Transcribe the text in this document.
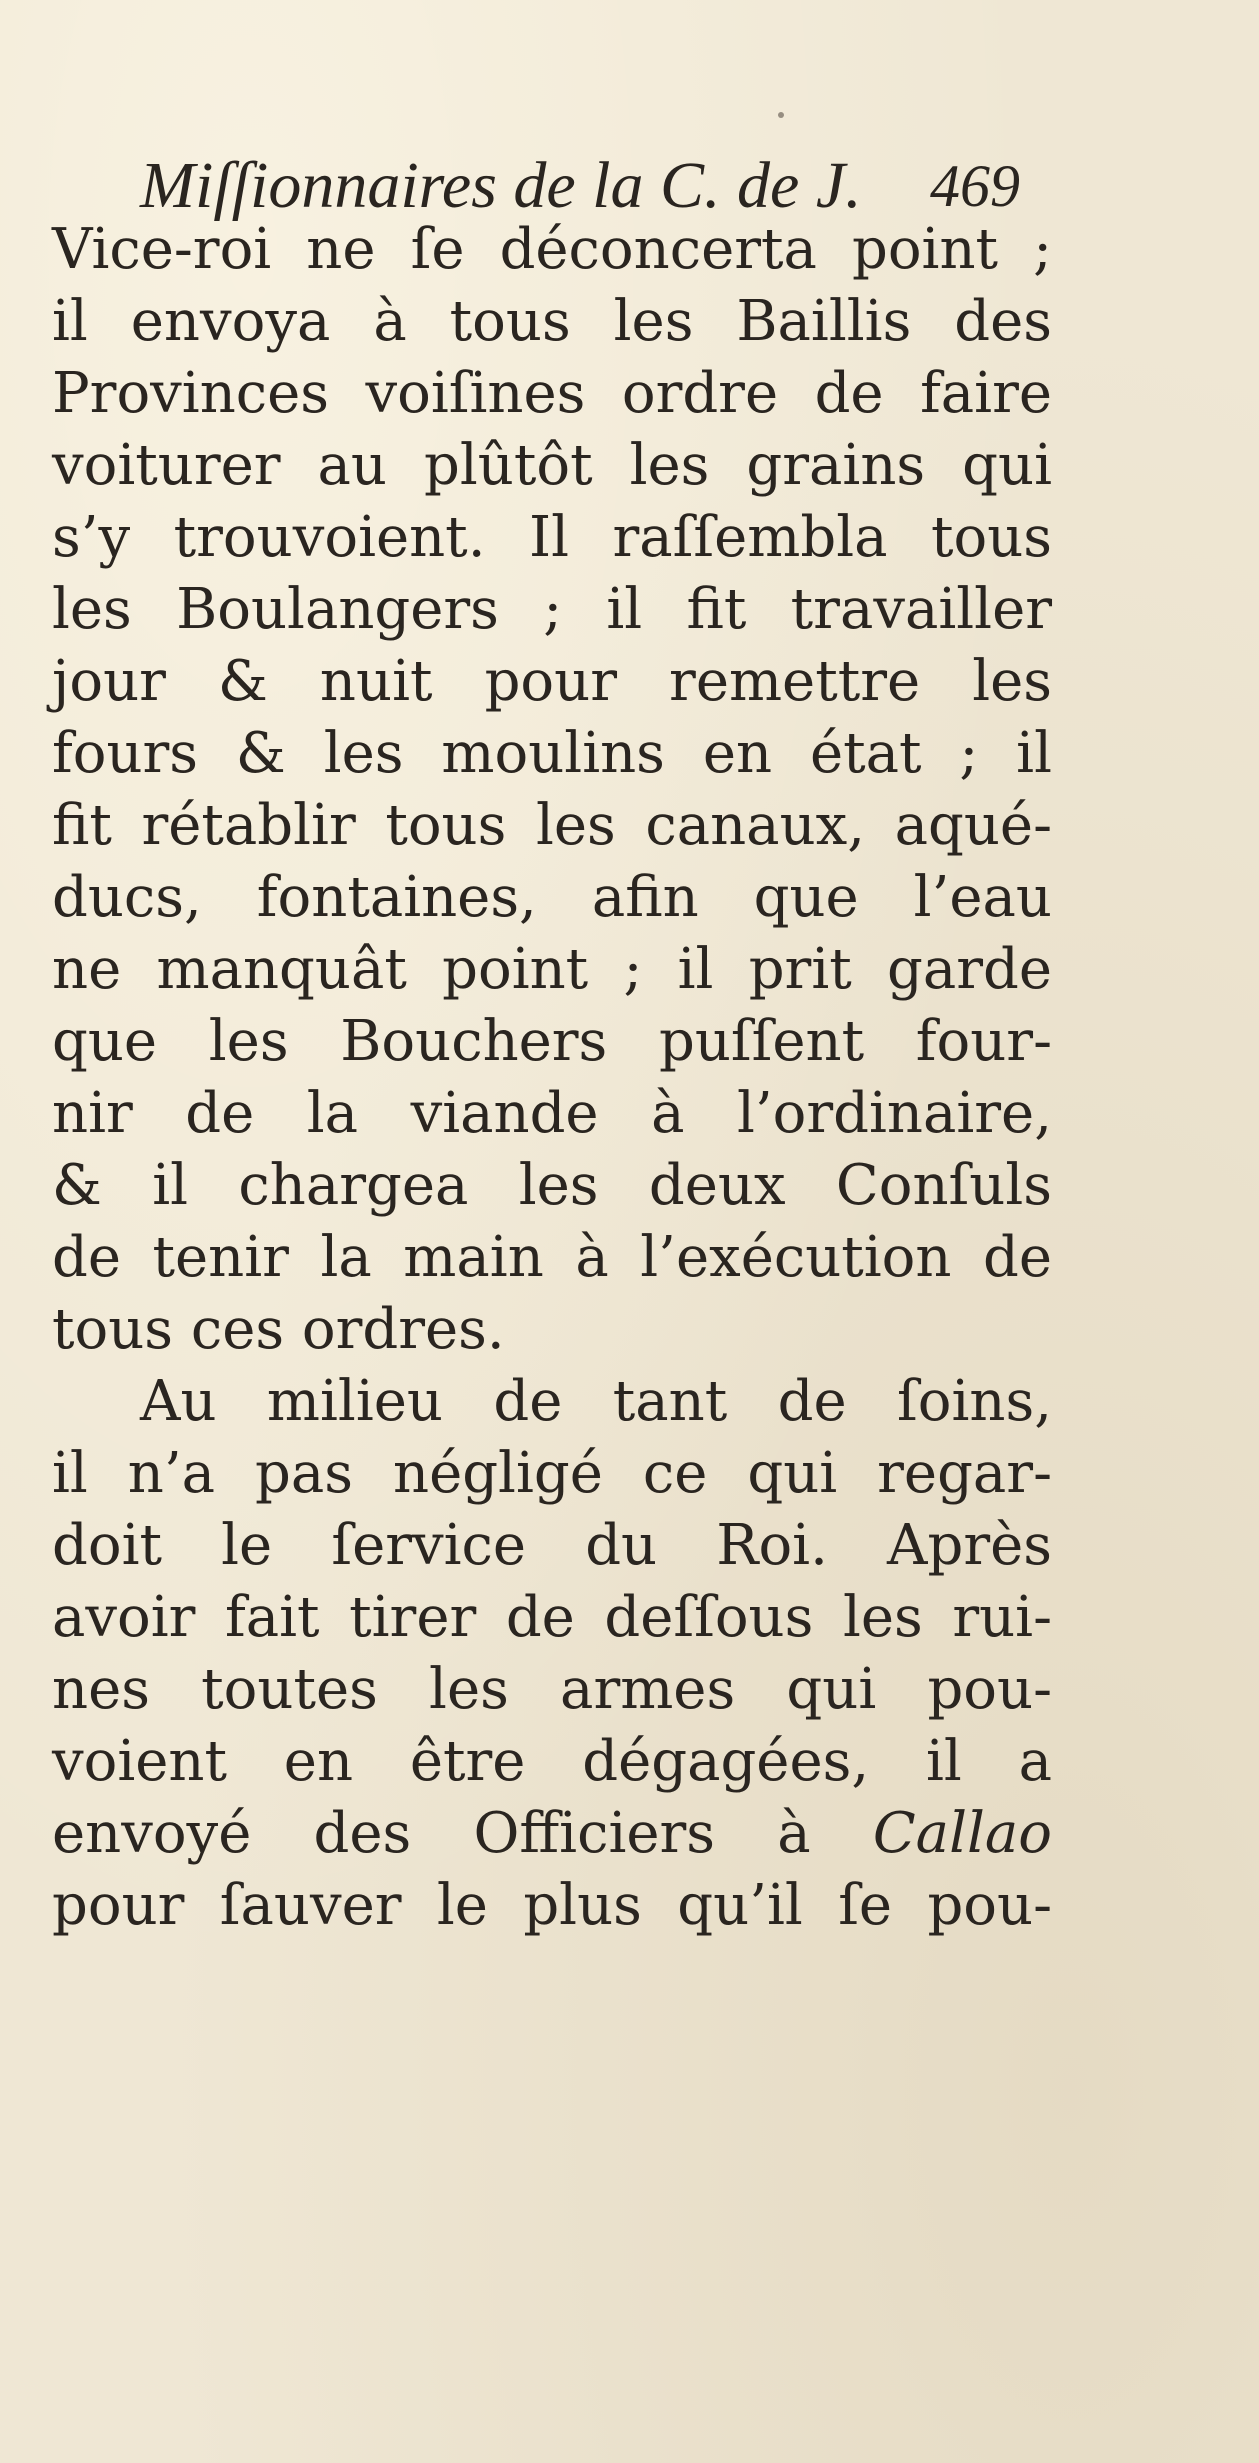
Miſſionnaires de la C. de J. 469
Vice-roi ne ſe déconcerta point ;
il envoya à tous les Baillis des
Provinces voiſines ordre de faire
voiturer au plûtôt les grains qui
s’y trouvoient. Il raſſembla tous
les Boulangers ; il fit travailler
jour & nuit pour remettre les
fours & les moulins en état ; il
fit rétablir tous les canaux, aqué-
ducs, fontaines, afin que l’eau
ne manquât point ; il prit garde
que les Bouchers puſſent four-
nir de la viande à l’ordinaire,
& il chargea les deux Conſuls
de tenir la main à l’exécution de
tous ces ordres.
Au milieu de tant de ſoins,
il n’a pas négligé ce qui regar-
doit le ſervice du Roi. Après
avoir fait tirer de deſſous les rui-
nes toutes les armes qui pou-
voient en être dégagées, il a
envoyé des Officiers à Callao
pour ſauver le plus qu’il ſe pou-
